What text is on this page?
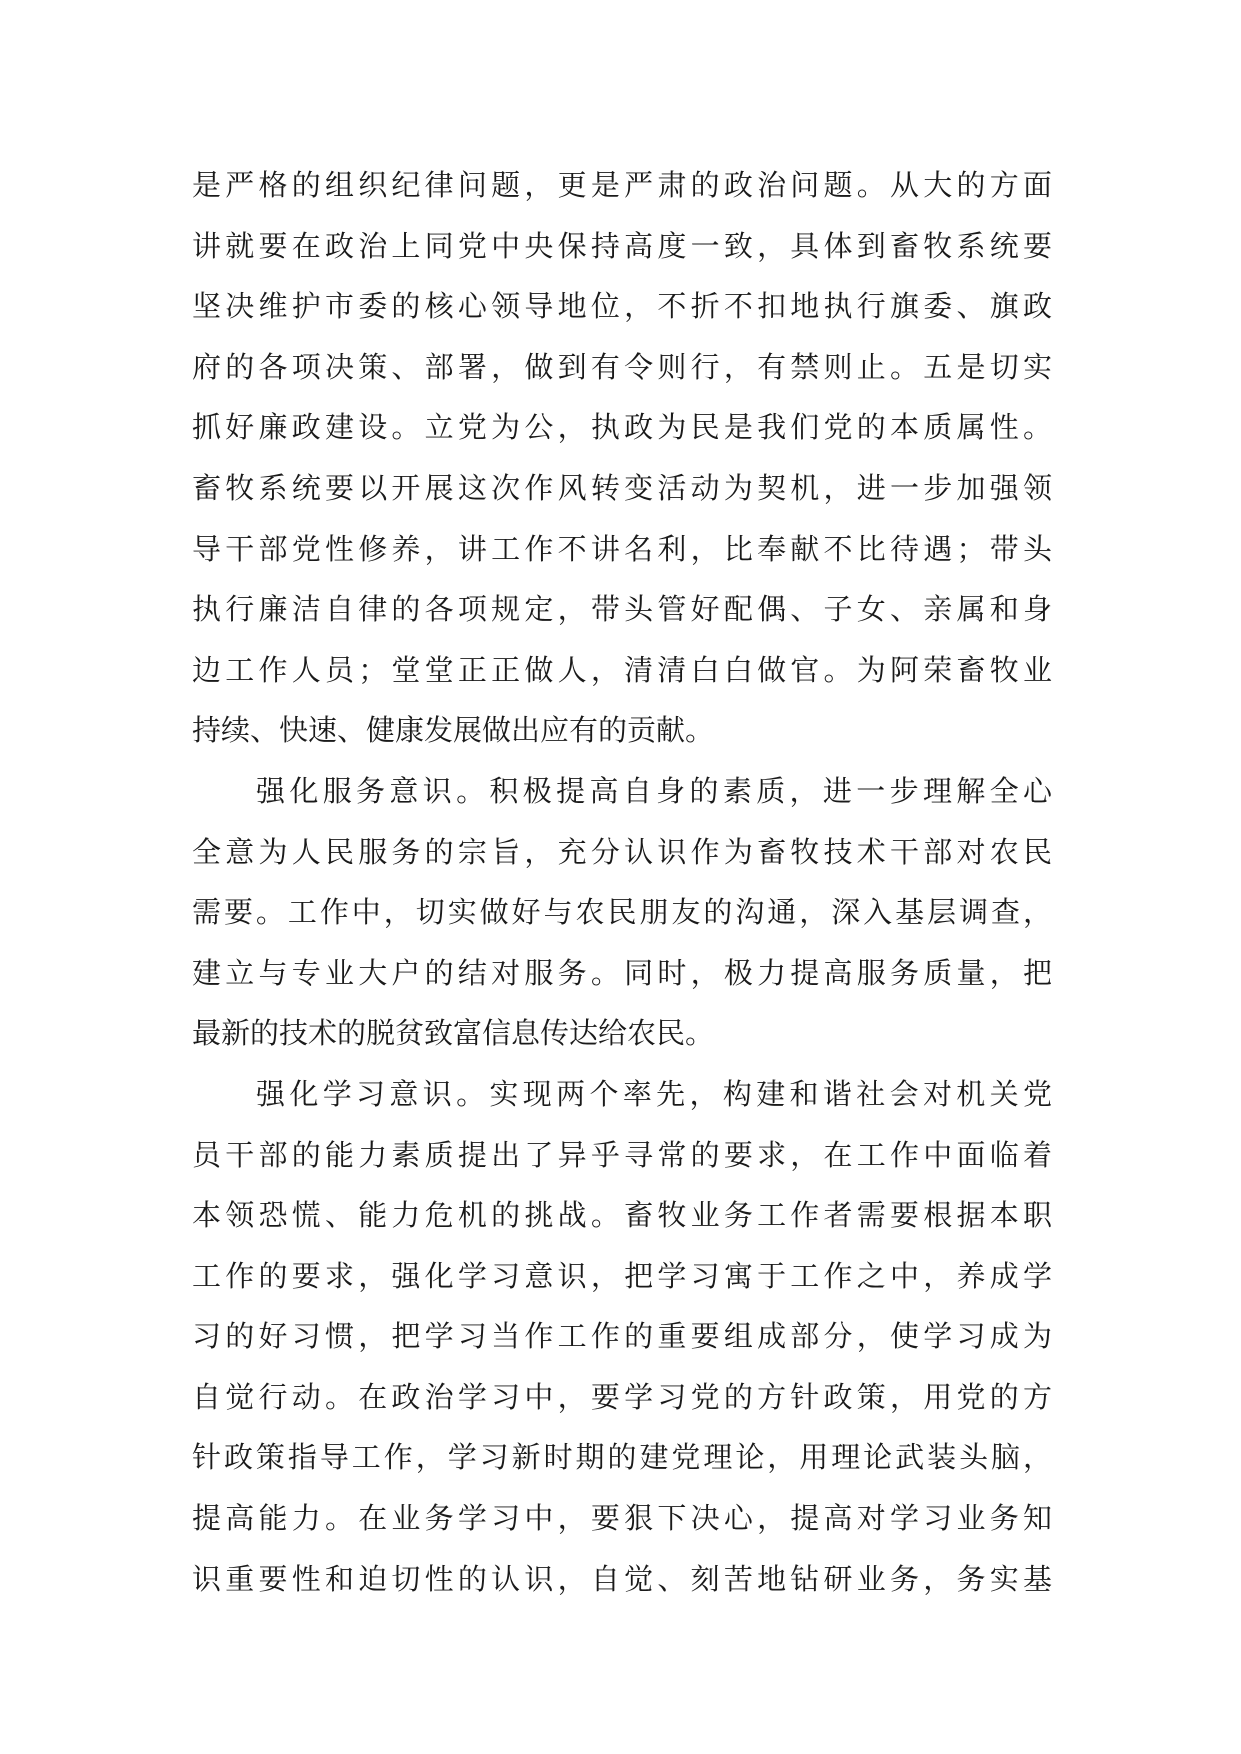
是严格的组织纪律问题，更是严肃的政治问题。从大的方面
讲就要在政治上同党中央保持高度一致，具体到畜牧系统要
坚决维护市委的核心领导地位，不折不扣地执行旗委、旗政
府的各项决策、部署，做到有令则行，有禁则止。五是切实
抓好廉政建设。立党为公，执政为民是我们党的本质属性。
畜牧系统要以开展这次作风转变活动为契机，进一步加强领
导干部党性修养，讲工作不讲名利，比奉献不比待遇；带头
执行廉洁自律的各项规定，带头管好配偶、子女、亲属和身
边工作人员；堂堂正正做人，清清白白做官。为阿荣畜牧业
持续、快速、健康发展做出应有的贡献。
强化服务意识。积极提高自身的素质，进一步理解全心
全意为人民服务的宗旨，充分认识作为畜牧技术干部对农民
需要。工作中，切实做好与农民朋友的沟通，深入基层调查，
建立与专业大户的结对服务。同时，极力提高服务质量，把
最新的技术的脱贫致富信息传达给农民。
强化学习意识。实现两个率先，构建和谐社会对机关党
员干部的能力素质提出了异乎寻常的要求，在工作中面临着
本领恐慌、能力危机的挑战。畜牧业务工作者需要根据本职
工作的要求，强化学习意识，把学习寓于工作之中，养成学
习的好习惯，把学习当作工作的重要组成部分，使学习成为
自觉行动。在政治学习中，要学习党的方针政策，用党的方
针政策指导工作，学习新时期的建党理论，用理论武装头脑，
提高能力。在业务学习中，要狠下决心，提高对学习业务知
识重要性和迫切性的认识，自觉、刻苦地钻研业务，务实基
